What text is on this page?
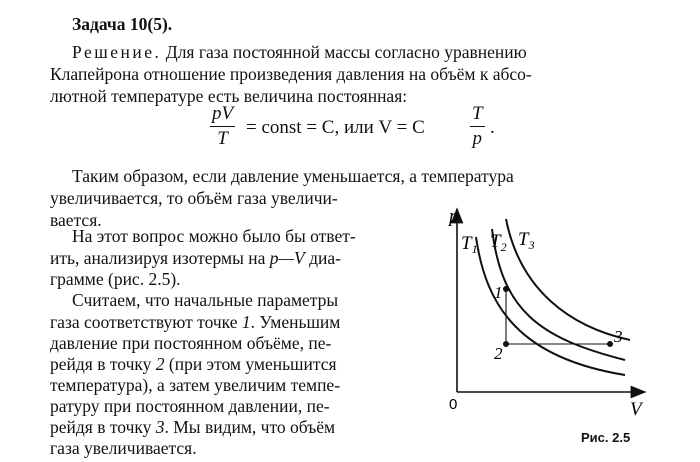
Задача 10(5).
Решение. Для газа постоянной массы согласно уравнению
Клапейрона отношение произведения давления на объём к абсо-
лютной температуре есть величина постоянная:
$\frac{pV}{T}$ = const = C, или V = C $\frac{T}{p}$ .
Таким образом, если давление уменьшается, а температура
увеличивается, то объём газа увеличи-
вается.
На этот вопрос можно было бы ответ-
ить, анализируя изотермы на p—V диа-
грамме (рис. 2.5).
Считаем, что начальные параметры
газа соответствуют точке 1. Уменьшим
давление при постоянном объёме, пе-
рейдя в точку 2 (при этом уменьшится
температура), а затем увеличим темпе-
ратуру при постоянном давлении, пе-
рейдя в точку 3. Мы видим, что объём
p
V
0
1
2
3
$T_1$ $T_2$ $T_3$
Рис. 2.5
газа увеличивается.
